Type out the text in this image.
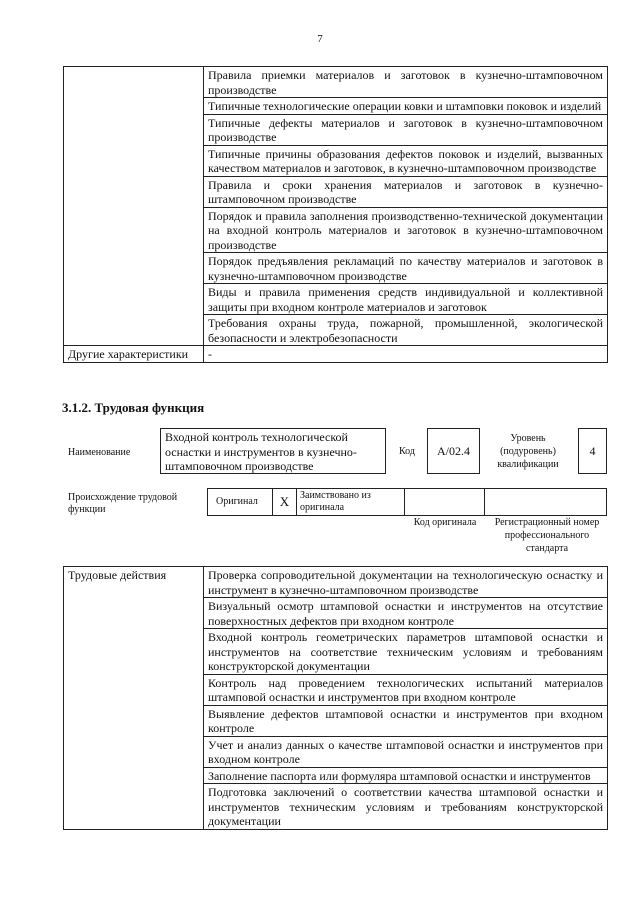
7
	Правила приемки материалов и заготовок в кузнечно-штамповочном производстве
	Типичные технологические операции ковки и штамповки поковок и изделий
	Типичные дефекты материалов и заготовок в кузнечно-штамповочном производстве
	Типичные причины образования дефектов поковок и изделий, вызванных качеством материалов и заготовок, в кузнечно-штамповочном производстве
	Правила и сроки хранения материалов и заготовок в кузнечно-штамповочном производстве
	Порядок и правила заполнения производственно-технической документации на входной контроль материалов и заготовок в кузнечно-штамповочном производстве
	Порядок предъявления рекламаций по качеству материалов и заготовок в кузнечно-штамповочном производстве
	Виды и правила применения средств индивидуальной и коллективной защиты при входном контроле материалов и заготовок
	Требования охраны труда, пожарной, промышленной, экологической безопасности и электробезопасности
Другие характеристики	-
3.1.2. Трудовая функция
Наименование
Входной контроль технологической оснастки и инструментов в кузнечно-штамповочном производстве
Код	A/02.4
Уровень (подуровень) квалификации
4
Происхождение трудовой функции
Оригинал	X	Заимствовано из оригинала
Код оригинала	Регистрационный номер профессионального стандарта
Трудовые действия	Проверка сопроводительной документации на технологическую оснастку и инструмент в кузнечно-штамповочном производстве
Визуальный осмотр штамповой оснастки и инструментов на отсутствие поверхностных дефектов при входном контроле
Входной контроль геометрических параметров штамповой оснастки и инструментов на соответствие техническим условиям и требованиям конструкторской документации
Контроль над проведением технологических испытаний материалов штамповой оснастки и инструментов при входном контроле
Выявление дефектов штамповой оснастки и инструментов при входном контроле
Учет и анализ данных о качестве штамповой оснастки и инструментов при входном контроле
Заполнение паспорта или формуляра штамповой оснастки и инструментов
Подготовка заключений о соответствии качества штамповой оснастки и инструментов техническим условиям и требованиям конструкторской документации
